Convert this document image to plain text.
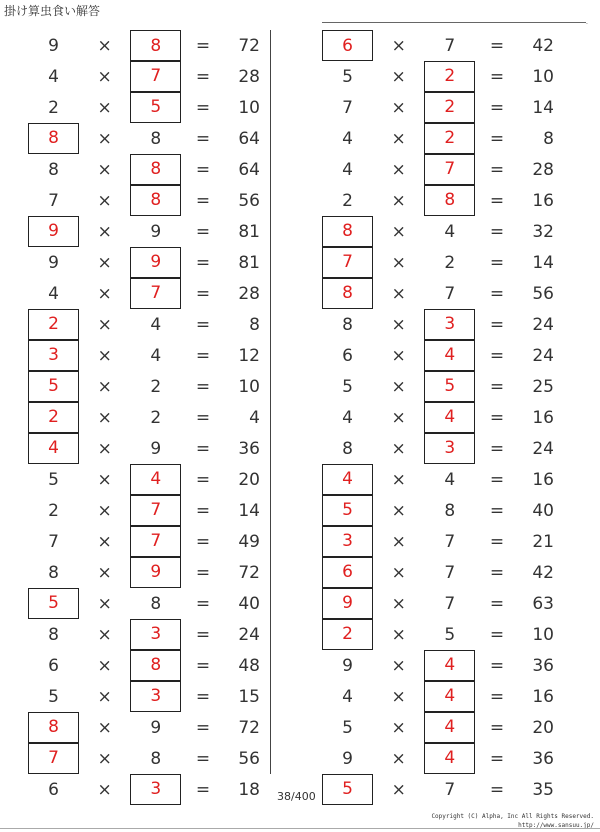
掛け算虫食い解答
.
9	×	8	=	72
4	×	7	=	28
2	×	5	=	10
8	×	8	=	64
8	×	8	=	64
7	×	8	=	56
9	×	9	=	81
9	×	9	=	81
4	×	7	=	28
2	×	4	=	8
3	×	4	=	12
5	×	2	=	10
2	×	2	=	4
4	×	9	=	36
5	×	4	=	20
2	×	7	=	14
7	×	7	=	49
8	×	9	=	72
5	×	8	=	40
8	×	3	=	24
6	×	8	=	48
5	×	3	=	15
8	×	9	=	72
7	×	8	=	56
6	×	3	=	18
6	×	7	=	42
5	×	2	=	10
7	×	2	=	14
4	×	2	=	8
4	×	7	=	28
2	×	8	=	16
8	×	4	=	32
7	×	2	=	14
8	×	7	=	56
8	×	3	=	24
6	×	4	=	24
5	×	5	=	25
4	×	4	=	16
8	×	3	=	24
4	×	4	=	16
5	×	8	=	40
3	×	7	=	21
6	×	7	=	42
9	×	7	=	63
2	×	5	=	10
9	×	4	=	36
4	×	4	=	16
5	×	4	=	20
9	×	4	=	36
5	×	7	=	35
38/400
Copyright (C) Alpha, Inc All Rights Reserved.
http://www.sansuu.jp/
